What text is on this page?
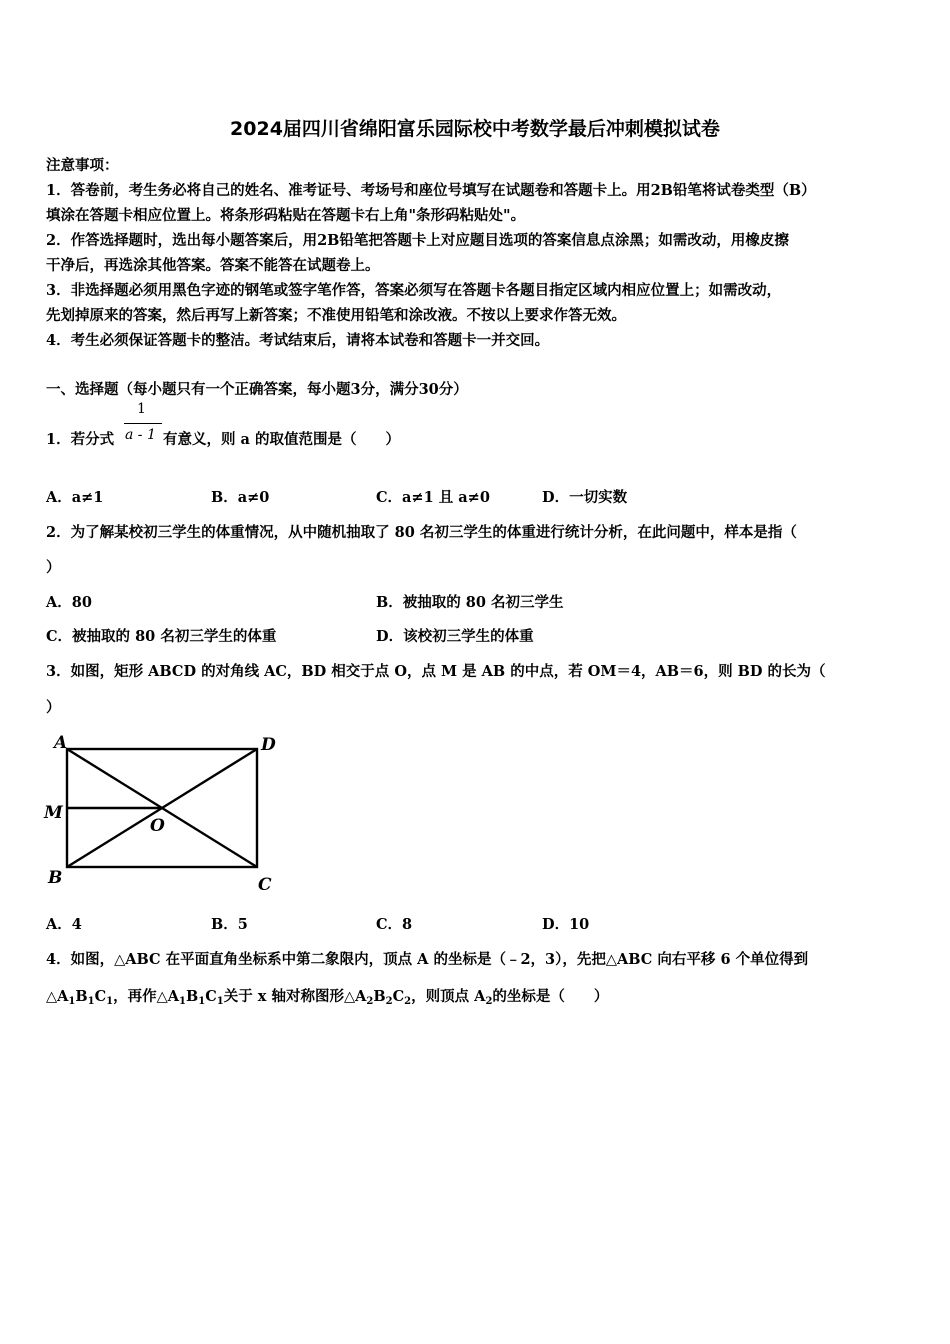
2024届四川省绵阳富乐园际校中考数学最后冲刺模拟试卷
注意事项：
1．答卷前，考生务必将自己的姓名、准考证号、考场号和座位号填写在试题卷和答题卡上。用2B铅笔将试卷类型（B）
填涂在答题卡相应位置上。将条形码粘贴在答题卡右上角"条形码粘贴处"。
2．作答选择题时，选出每小题答案后，用2B铅笔把答题卡上对应题目选项的答案信息点涂黑；如需改动，用橡皮擦
干净后，再选涂其他答案。答案不能答在试题卷上。
3．非选择题必须用黑色字迹的钢笔或签字笔作答，答案必须写在答题卡各题目指定区域内相应位置上；如需改动，
先划掉原来的答案，然后再写上新答案；不准使用铅笔和涂改液。不按以上要求作答无效。
4．考生必须保证答题卡的整洁。考试结束后，请将本试卷和答题卡一并交回。
一、选择题（每小题只有一个正确答案，每小题3分，满分30分）
1．若分式
1
a - 1 有意义，则 a 的取值范围是（　　）
A．a≠1	B．a≠0	C．a≠1 且 a≠0	D．一切实数
2．为了解某校初三学生的体重情况，从中随机抽取了 80 名初三学生的体重进行统计分析，在此问题中，样本是指（
）
A．80	B．被抽取的 80 名初三学生
C．被抽取的 80 名初三学生的体重	D．该校初三学生的体重
3．如图，矩形 ABCD 的对角线 AC，BD 相交于点 O，点 M 是 AB 的中点，若 OM＝4，AB＝6，则 BD 的长为（
）
A	D
M
O
B	C
A．4	B．5	C．8	D．10
4．如图，△ABC 在平面直角坐标系中第二象限内，顶点 A 的坐标是（﹣2，3），先把△ABC 向右平移 6 个单位得到
$\triangle A_1B_1C_1$，再作$\triangle A_1B_1C_1$关于 x 轴对称图形$\triangle A_2B_2C_2$，则顶点 $A_2$的坐标是（　　）
